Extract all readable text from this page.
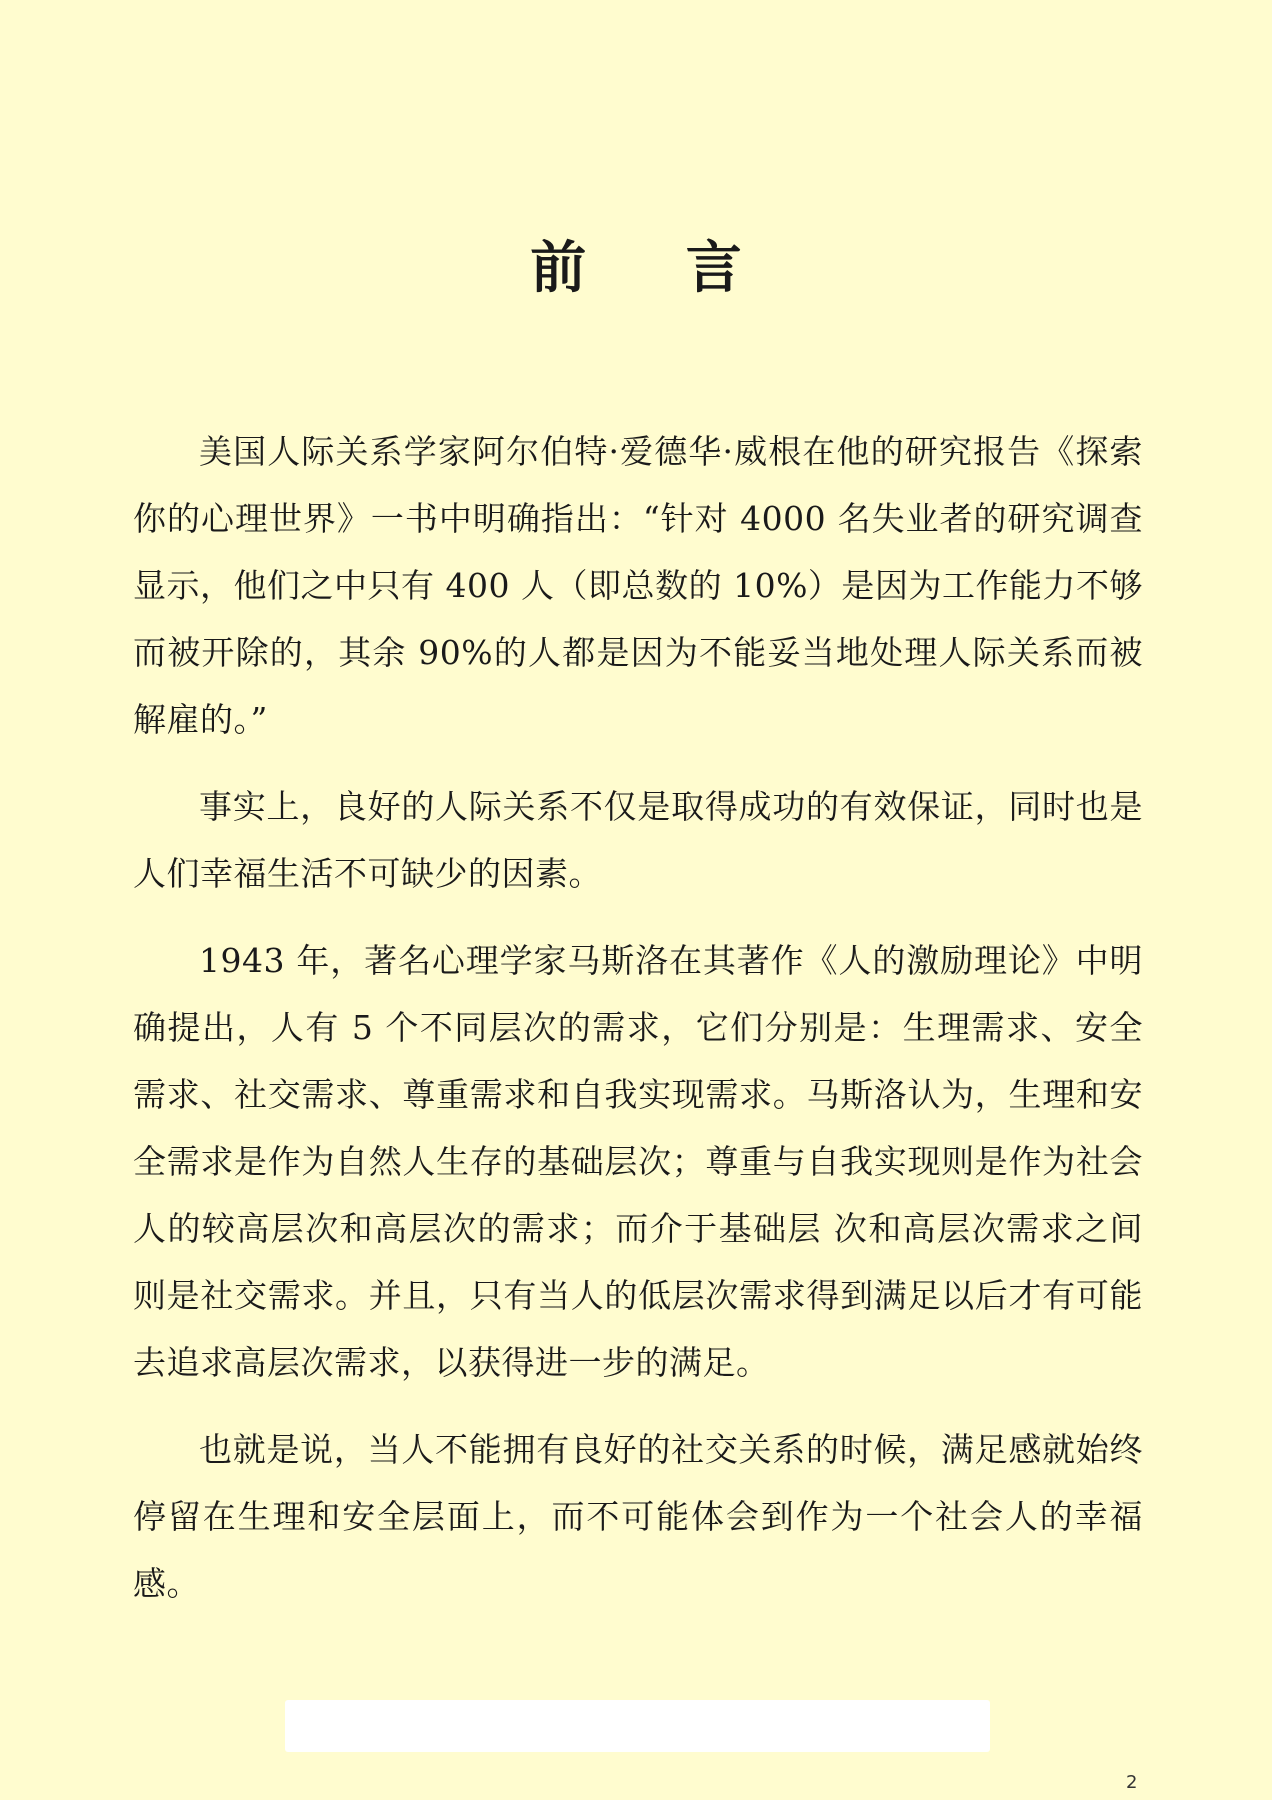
前 言

美国人际关系学家阿尔伯特·爱德华·威根在他的研究报告《探索你的心理世界》一书中明确指出：“针对 4000 名失业者的研究调查显示，他们之中只有 400 人（即总数的 10%）是因为工作能力不够而被开除的，其余 90%的人都是因为不能妥当地处理人际关系而被解雇的。”

事实上，良好的人际关系不仅是取得成功的有效保证，同时也是人们幸福生活不可缺少的因素。

1943 年，著名心理学家马斯洛在其著作《人的激励理论》中明确提出，人有 5 个不同层次的需求，它们分别是：生理需求、安全需求、社交需求、尊重需求和自我实现需求。马斯洛认为，生理和安全需求是作为自然人生存的基础层次；尊重与自我实现则是作为社会人的较高层次和高层次的需求；而介于基础层 次和高层次需求之间则是社交需求。并且，只有当人的低层次需求得到满足以后才有可能去追求高层次需求，以获得进一步的满足。

也就是说，当人不能拥有良好的社交关系的时候，满足感就始终停留在生理和安全层面上，而不可能体会到作为一个社会人的幸福感。

2
